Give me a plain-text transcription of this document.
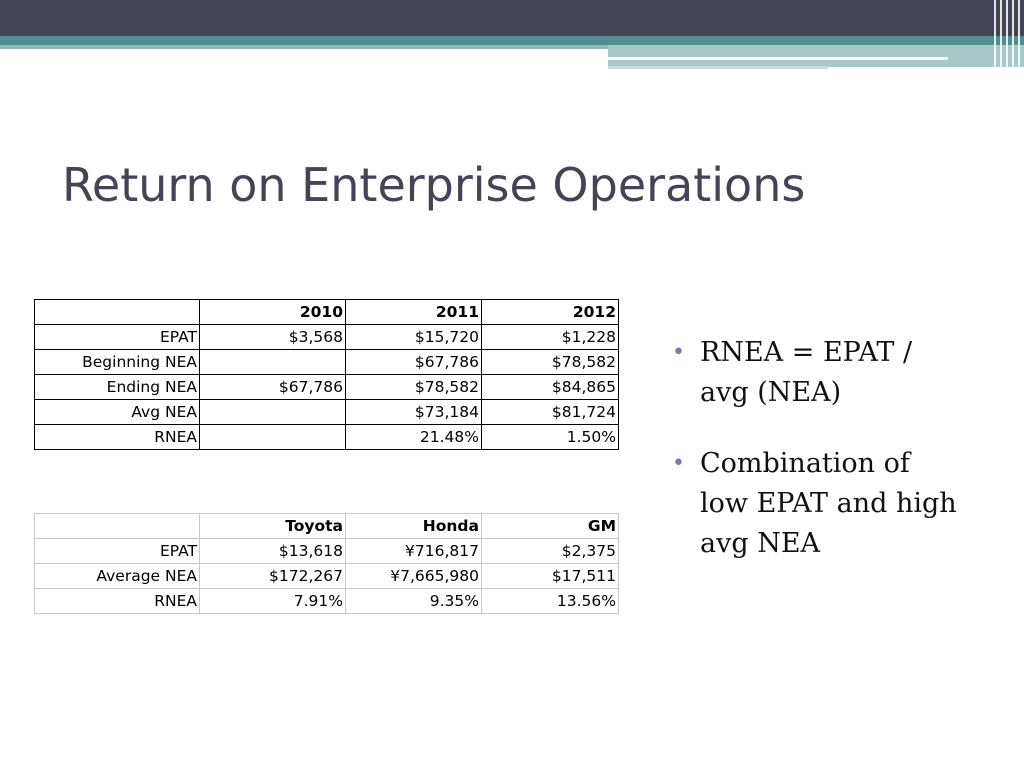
Return on Enterprise Operations
	2010	2011	2012
EPAT	$3,568	$15,720	$1,228
Beginning NEA		$67,786	$78,582
Ending NEA	$67,786	$78,582	$84,865
Avg NEA		$73,184	$81,724
RNEA		21.48%	1.50%
	Toyota	Honda	GM
EPAT	$13,618	¥716,817	$2,375
Average NEA	$172,267	¥7,665,980	$17,511
RNEA	7.91%	9.35%	13.56%
• RNEA = EPAT / avg (NEA)
• Combination of low EPAT and high avg NEA
